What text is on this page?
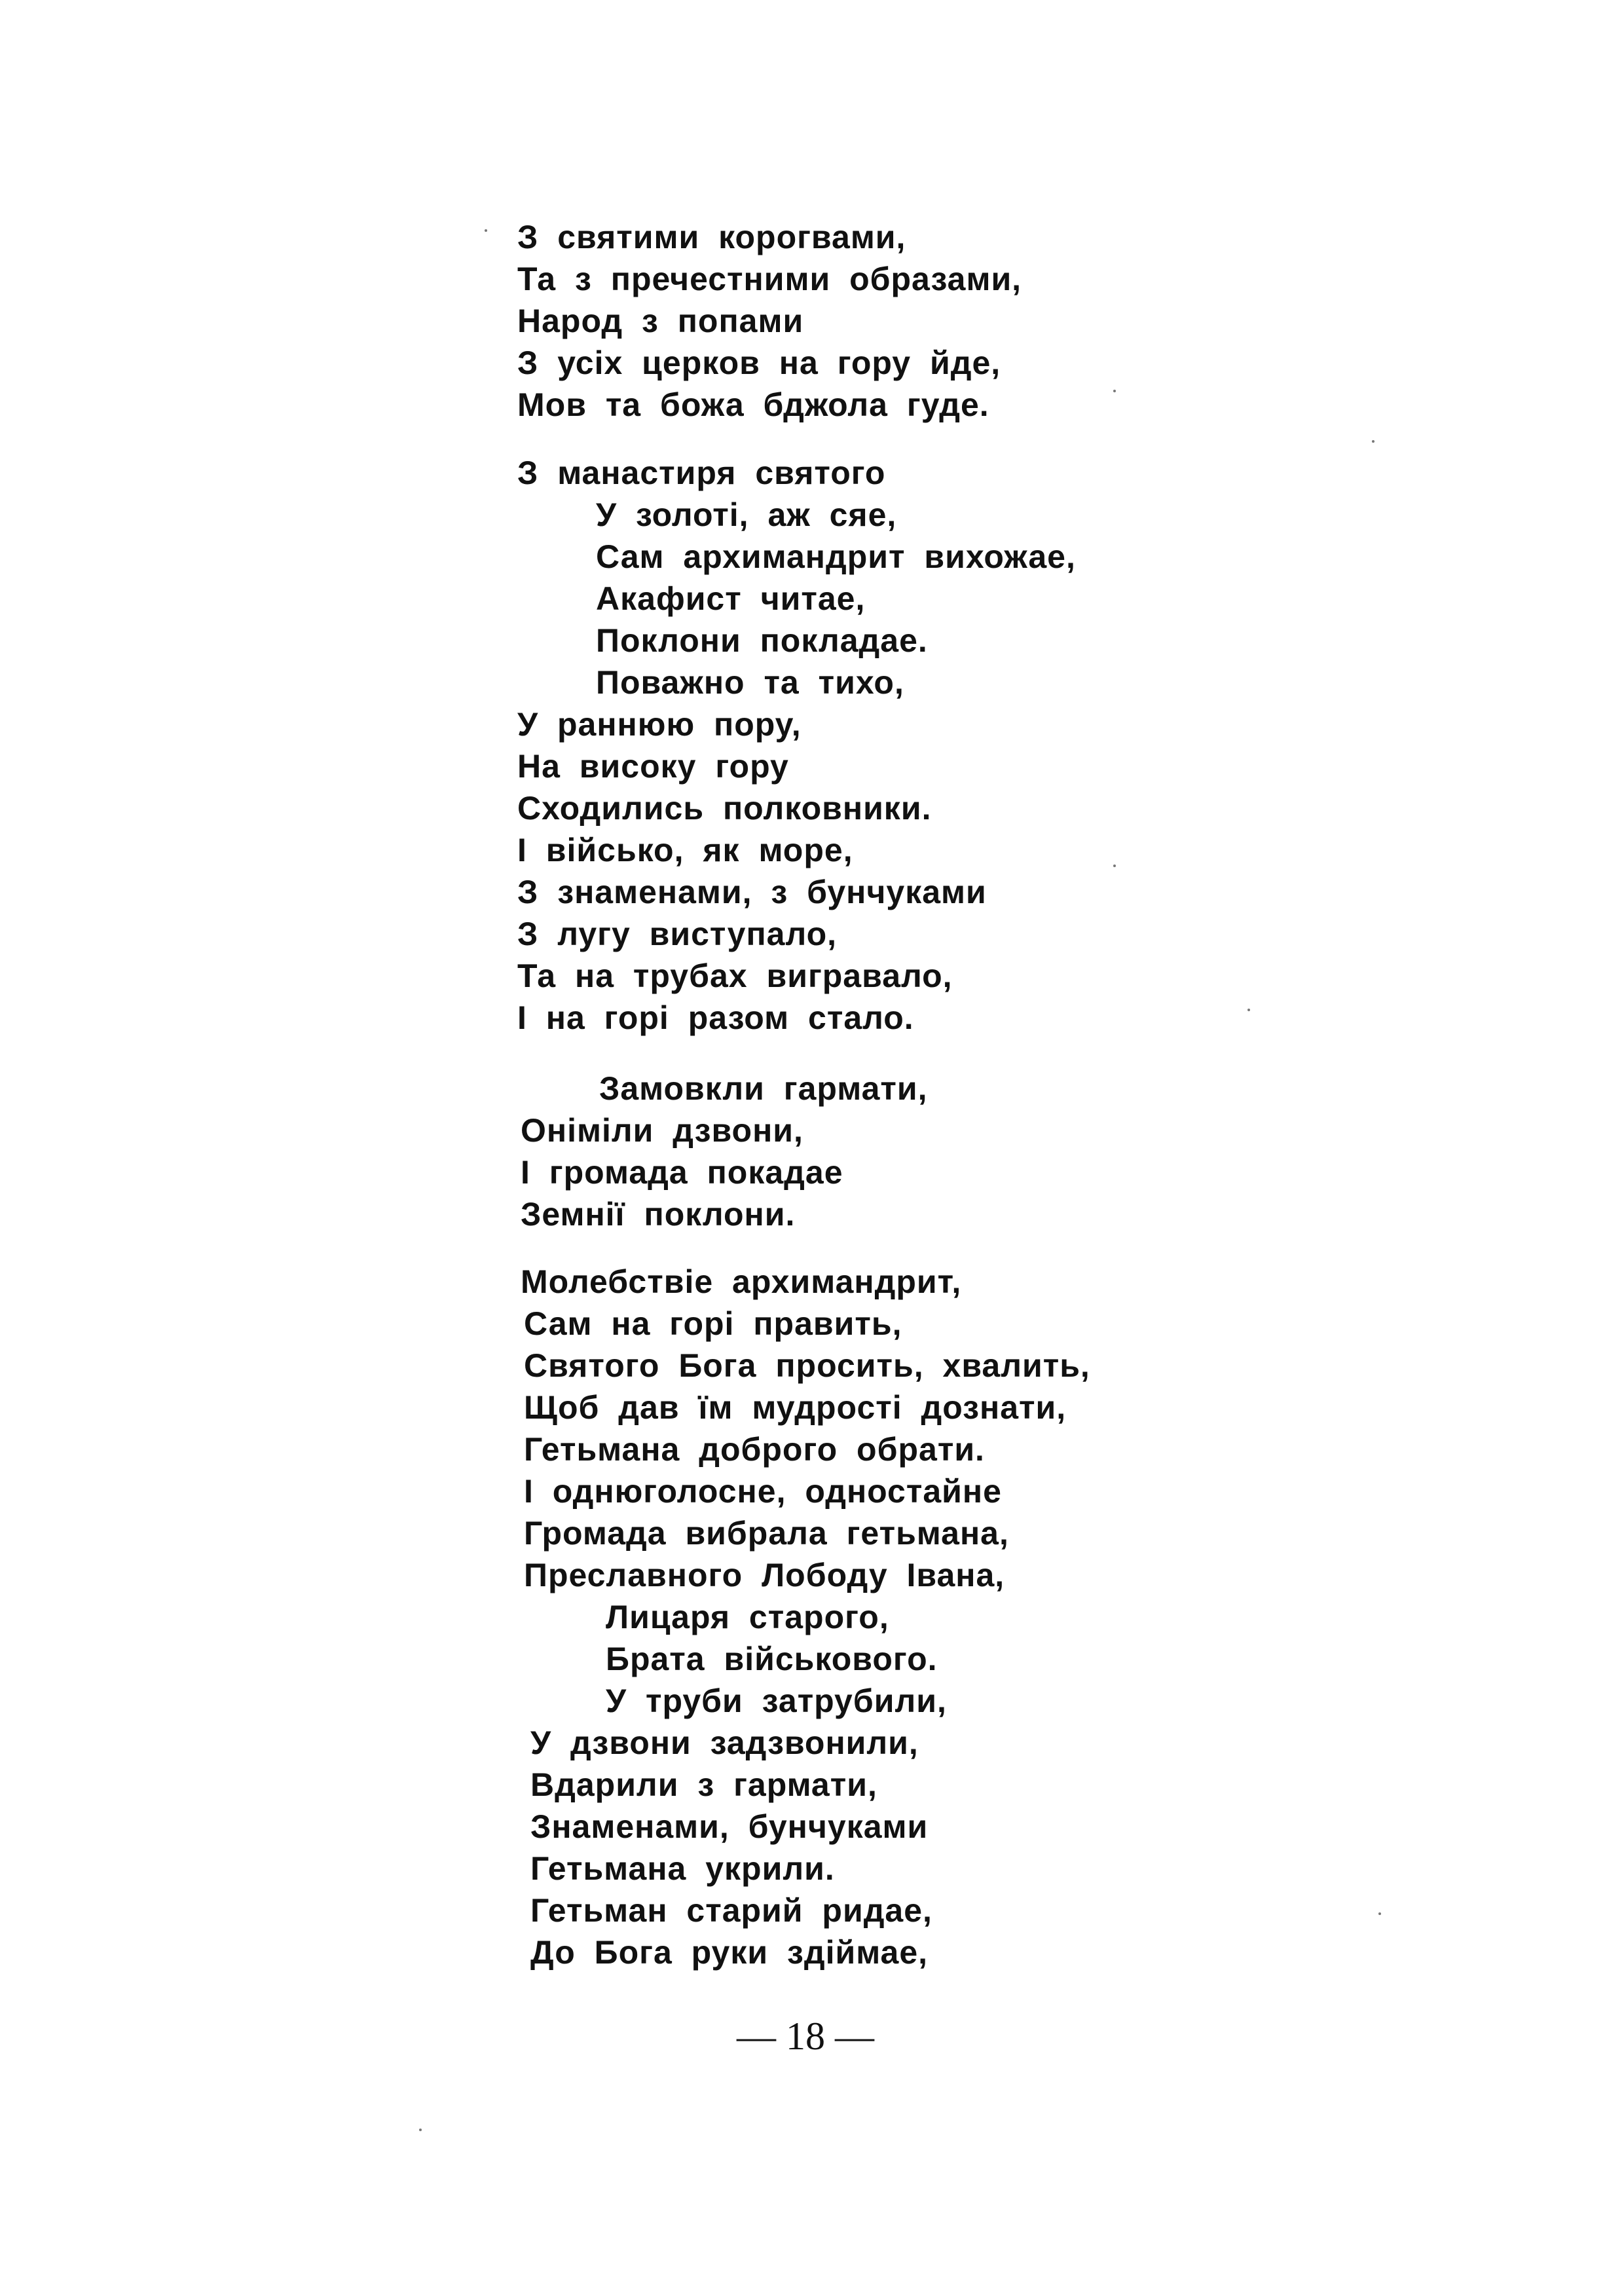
З святими корогвами,
Та з пречестними образами,
Народ з попами
З усіх церков на гору йде,
Мов та божа бджола гуде.
З манастиря святого
У золоті, аж сяе,
Сам архимандрит вихожае,
Акафист читае,
Поклони покладае.
Поважно та тихо,
У раннюю пору,
На високу гору
Сходились полковники.
І військо, як море,
З знаменами, з бунчуками
З лугу виступало,
Та на трубах вигравало,
І на горі разом стало.
Замовкли гармати,
Оніміли дзвони,
І громада покадае
Земнії поклони.
Молебствіе архимандрит,
Сам на горі править,
Святого Бога просить, хвалить,
Щоб дав їм мудрості дознати,
Гетьмана доброго обрати.
І однюголосне, одностайне
Громада вибрала гетьмана,
Преславного Лободу Івана,
Лицаря старого,
Брата військового.
У труби затрубили,
У дзвони задзвонили,
Вдарили з гармати,
Знаменами, бунчуками
Гетьмана укрили.
Гетьман старий ридае,
До Бога руки здіймае,
— 18 —
